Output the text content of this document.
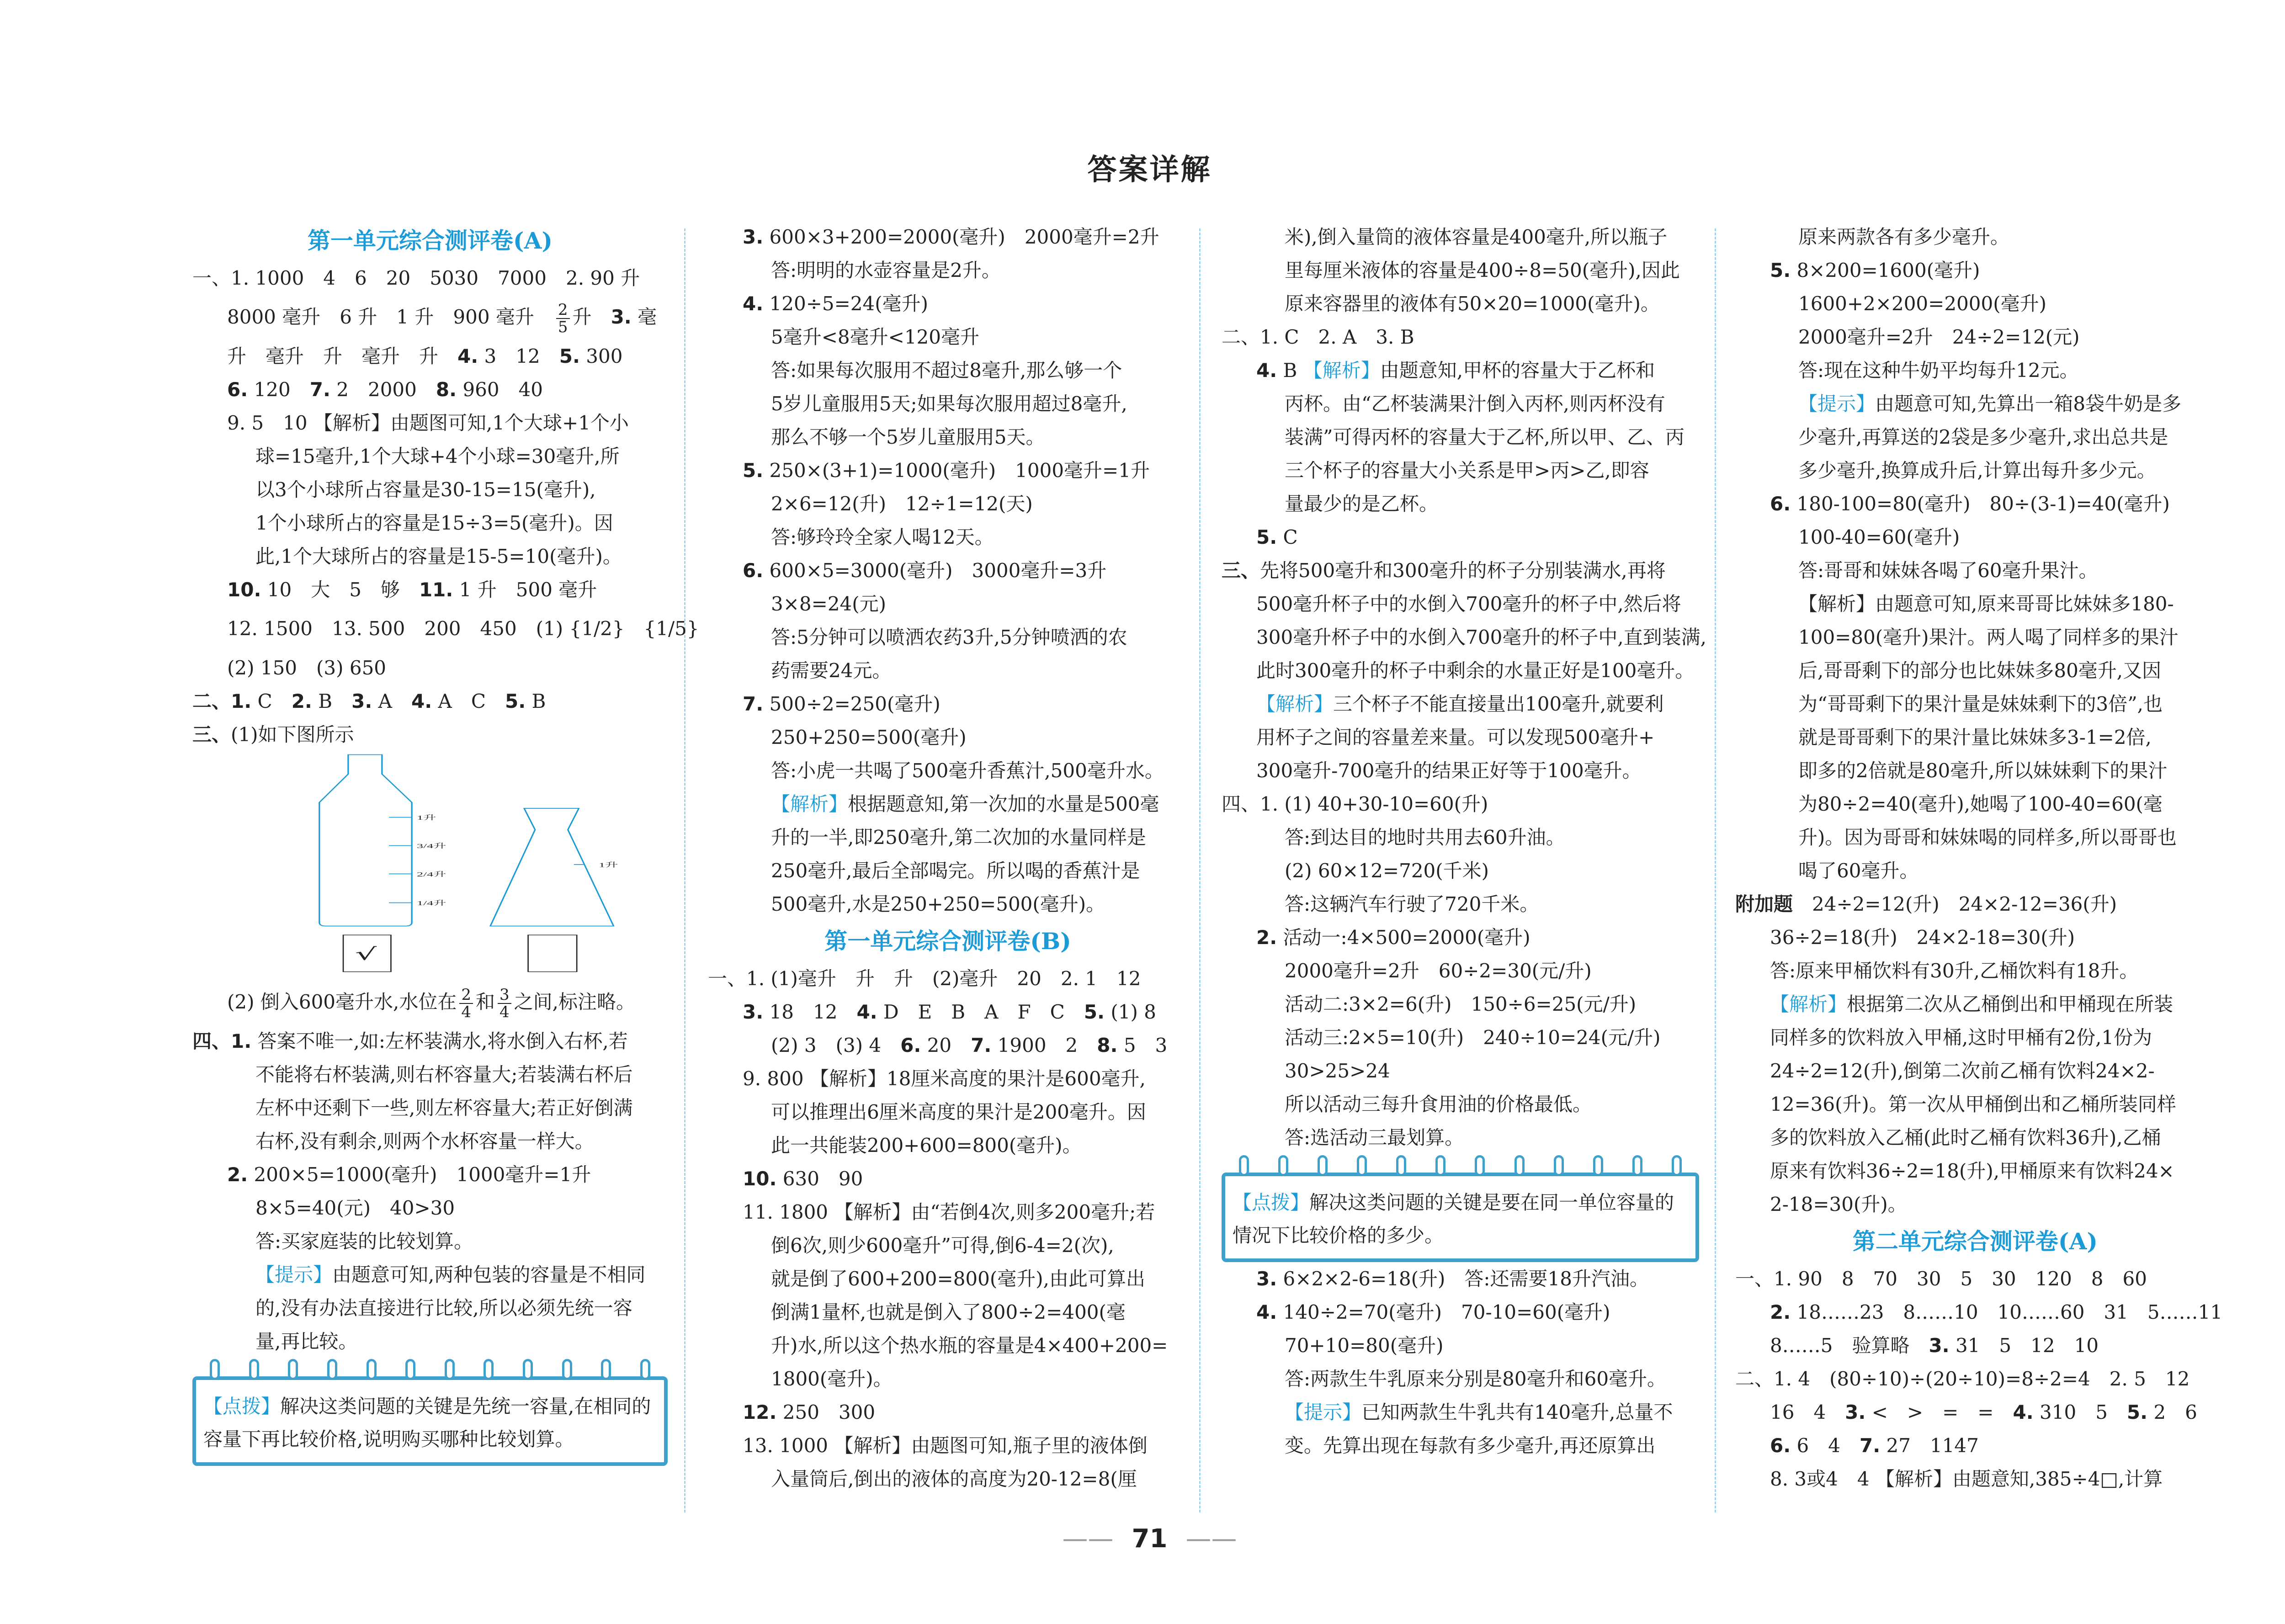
答案详解
第一单元综合测评卷(A)
一、1. 1000　4　6　20　5030　7000　2. 90 升
8000 毫升　6 升　1 升　900 毫升　 $\frac{2}{5}$ 升　3. 毫
升　毫升　升　毫升　升　4. 3　12　5. 300
6. 120　7. 2　2000　8. 960　40
9. 5　10 【解析】由题图可知,1个大球+1个小
球=15毫升,1个大球+4个小球=30毫升,所
以3个小球所占容量是30-15=15(毫升),
1个小球所占的容量是15÷3=5(毫升)。因
此,1个大球所占的容量是15-5=10(毫升)。
10. 10　大　5　够　11. 1 升　500 毫升
12. 1500　13. 500　200　450　(1) {1/2}　{1/5}
(2) 150　(3) 650
二、1. C　2. B　3. A　4. A　C　5. B
三、(1)如下图所示
1升
3/4升
2/4升
1/4升
1升
√
(2) 倒入600毫升水,水位在 $\frac{2}{4}$ 和 $\frac{3}{4}$ 之间,标注略。
四、1. 答案不唯一,如:左杯装满水,将水倒入右杯,若
不能将右杯装满,则右杯容量大;若装满右杯后
左杯中还剩下一些,则左杯容量大;若正好倒满
右杯,没有剩余,则两个水杯容量一样大。
2. 200×5=1000(毫升)　1000毫升=1升
8×5=40(元)　40>30
答:买家庭装的比较划算。
【提示】由题意可知,两种包装的容量是不相同
的,没有办法直接进行比较,所以必须先统一容
量,再比较。
【点拨】解决这类问题的关键是先统一容量,在相同的容量下再比较价格,说明购买哪种比较划算。
3. 600×3+200=2000(毫升)　2000毫升=2升
答:明明的水壶容量是2升。
4. 120÷5=24(毫升)
5毫升<8毫升<120毫升
答:如果每次服用不超过8毫升,那么够一个
5岁儿童服用5天;如果每次服用超过8毫升,
那么不够一个5岁儿童服用5天。
5. 250×(3+1)=1000(毫升)　1000毫升=1升
2×6=12(升)　12÷1=12(天)
答:够玲玲全家人喝12天。
6. 600×5=3000(毫升)　3000毫升=3升
3×8=24(元)
答:5分钟可以喷洒农药3升,5分钟喷洒的农
药需要24元。
7. 500÷2=250(毫升)
250+250=500(毫升)
答:小虎一共喝了500毫升香蕉汁,500毫升水。
【解析】根据题意知,第一次加的水量是500毫
升的一半,即250毫升,第二次加的水量同样是
250毫升,最后全部喝完。所以喝的香蕉汁是
500毫升,水是250+250=500(毫升)。
第一单元综合测评卷(B)
一、1. (1)毫升　升　升　(2)毫升　20　2. 1　12
3. 18　12　4. D　E　B　A　F　C　5. (1) 8
(2) 3　(3) 4　6. 20　7. 1900　2　8. 5　3
9. 800 【解析】18厘米高度的果汁是600毫升,
可以推理出6厘米高度的果汁是200毫升。因
此一共能装200+600=800(毫升)。
10. 630　90
11. 1800 【解析】由“若倒4次,则多200毫升;若
倒6次,则少600毫升”可得,倒6-4=2(次),
就是倒了600+200=800(毫升),由此可算出
倒满1量杯,也就是倒入了800÷2=400(毫
升)水,所以这个热水瓶的容量是4×400+200=
1800(毫升)。
12. 250　300
13. 1000 【解析】由题图可知,瓶子里的液体倒
入量筒后,倒出的液体的高度为20-12=8(厘
米),倒入量筒的液体容量是400毫升,所以瓶子
里每厘米液体的容量是400÷8=50(毫升),因此
原来容器里的液体有50×20=1000(毫升)。
二、1. C　2. A　3. B
4. B 【解析】由题意知,甲杯的容量大于乙杯和
丙杯。由“乙杯装满果汁倒入丙杯,则丙杯没有
装满”可得丙杯的容量大于乙杯,所以甲、乙、丙
三个杯子的容量大小关系是甲>丙>乙,即容
量最少的是乙杯。
5. C
三、先将500毫升和300毫升的杯子分别装满水,再将
500毫升杯子中的水倒入700毫升的杯子中,然后将
300毫升杯子中的水倒入700毫升的杯子中,直到装满,
此时300毫升的杯子中剩余的水量正好是100毫升。
【解析】三个杯子不能直接量出100毫升,就要利
用杯子之间的容量差来量。可以发现500毫升+
300毫升-700毫升的结果正好等于100毫升。
四、1. (1) 40+30-10=60(升)
答:到达目的地时共用去60升油。
(2) 60×12=720(千米)
答:这辆汽车行驶了720千米。
2. 活动一:4×500=2000(毫升)
2000毫升=2升　60÷2=30(元/升)
活动二:3×2=6(升)　150÷6=25(元/升)
活动三:2×5=10(升)　240÷10=24(元/升)
30>25>24
所以活动三每升食用油的价格最低。
答:选活动三最划算。
【点拨】解决这类问题的关键是要在同一单位容量的情况下比较价格的多少。
3. 6×2×2-6=18(升)　答:还需要18升汽油。
4. 140÷2=70(毫升)　70-10=60(毫升)
70+10=80(毫升)
答:两款生牛乳原来分别是80毫升和60毫升。
【提示】已知两款生牛乳共有140毫升,总量不
变。先算出现在每款有多少毫升,再还原算出
原来两款各有多少毫升。
5. 8×200=1600(毫升)
1600+2×200=2000(毫升)
2000毫升=2升　24÷2=12(元)
答:现在这种牛奶平均每升12元。
【提示】由题意可知,先算出一箱8袋牛奶是多
少毫升,再算送的2袋是多少毫升,求出总共是
多少毫升,换算成升后,计算出每升多少元。
6. 180-100=80(毫升)　80÷(3-1)=40(毫升)
100-40=60(毫升)
答:哥哥和妹妹各喝了60毫升果汁。
【解析】由题意可知,原来哥哥比妹妹多180-
100=80(毫升)果汁。两人喝了同样多的果汁
后,哥哥剩下的部分也比妹妹多80毫升,又因
为“哥哥剩下的果汁量是妹妹剩下的3倍”,也
就是哥哥剩下的果汁量比妹妹多3-1=2倍,
即多的2倍就是80毫升,所以妹妹剩下的果汁
为80÷2=40(毫升),她喝了100-40=60(毫
升)。因为哥哥和妹妹喝的同样多,所以哥哥也
喝了60毫升。
附加题　24÷2=12(升)　24×2-12=36(升)
36÷2=18(升)　24×2-18=30(升)
答:原来甲桶饮料有30升,乙桶饮料有18升。
【解析】根据第二次从乙桶倒出和甲桶现在所装
同样多的饮料放入甲桶,这时甲桶有2份,1份为
24÷2=12(升),倒第二次前乙桶有饮料24×2-
12=36(升)。第一次从甲桶倒出和乙桶所装同样
多的饮料放入乙桶(此时乙桶有饮料36升),乙桶
原来有饮料36÷2=18(升),甲桶原来有饮料24×
2-18=30(升)。
第二单元综合测评卷(A)
一、1. 90　8　70　30　5　30　120　8　60
2. 18……23　8……10　10……60　31　5……11
8……5　验算略　3. 31　5　12　10
二、1. 4　(80÷10)÷(20÷10)=8÷2=4　2. 5　12
16　4　3. <　>　=　=　4. 310　5　5. 2　6
6. 6　4　7. 27　1147
8. 3或4　4 【解析】由题意知,385÷4□,计算
—— 71 ——
